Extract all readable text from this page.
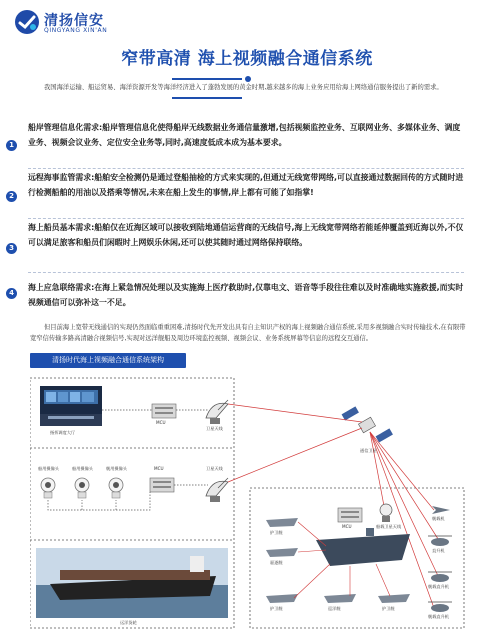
清扬信安
QINGYANG XIN'AN
窄带高清 海上视频融合通信系统

我国海洋运输、船运贸易、海洋资源开发等海洋经济进入了蓬勃发展的黄金时期,越来越多的海上业务应用给海上网络通信服务提出了新的需求。

1
船岸管理信息化需求:船岸管理信息化使得船岸无线数据业务通信量激增,包括视频监控业务、互联网业务、多媒体业务、调度业务、视频会议业务、定位安全业务等,同时,高速度低成本成为基本要求。
2
远程海事监管需求:船舶安全检测仍是通过登船抽检的方式来实现的,但通过无线宽带网络,可以直接通过数据回传的方式随时进行检测船舶的用油以及搭乘等情况,未来在船上发生的事情,岸上都有可能了如指掌!
3
海上船员基本需求:船舶仅在近海区域可以接收到陆地通信运营商的无线信号,海上无线宽带网络若能延伸覆盖到近海以外,不仅可以满足旅客和船员们闲暇时上网娱乐休闲,还可以使其随时通过网络保持联络。
4
海上应急联络需求:在海上紧急情况处理以及实施海上医疗救助时,仅靠电文、语音等手段往往难以及时准确地实施救援,而实时视频通信可以弥补这一不足。

但目前海上宽带无线通信的实现仍然面临重重困难,清扬时代先开发出具有自主知识产权的海上视频融合通信系统,采用多视频融合实时传输技术,在有限带宽窄信传输多路高清融合视频信号,实现对远洋舰船及周边环境监控视频、视频会议、业务系统屏幕等信息的远程交互通信。

清扬时代海上视频融合通信系统架构
指挥调度大厅
MCU
卫星天线
船用摄像头	船用摄像头	舰用摄像头	MCU	卫星天线
远洋货轮
通信卫星
MCU	船载卫星天线
护卫舰
驱逐舰
护卫舰	巡洋舰	护卫舰
舰载机
直升机
舰载直升机
舰载直升机
